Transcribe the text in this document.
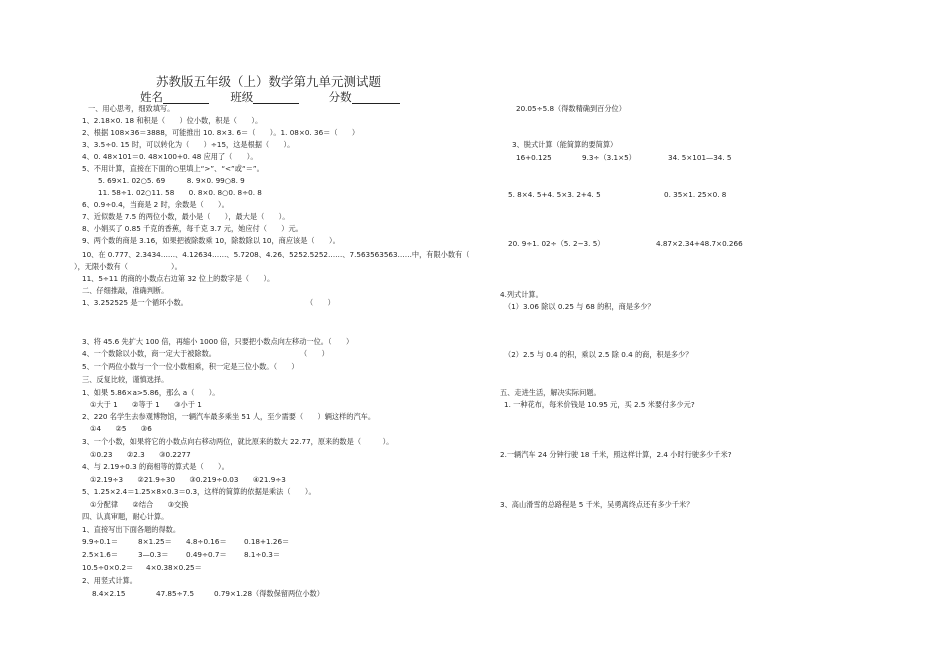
苏教版五年级（上）数学第九单元测试题
姓名	班级	分数
一、用心思考，细致填写。
1、2.18×0. 18 和积是（　　）位小数，积是（　　）。
2、根据 108×36＝3888，可能推出 10. 8×3. 6＝（　　）。1. 08×0. 36＝（　　）
3、3.5÷0. 15 时，可以转化为（　　）÷15，这是根据（　　）。
4、0. 48×101＝0. 48×100+0. 48 应用了（　　）。
5、不用计算，直接在下面的○里填上“>”、“<”或“＝”。
5. 69×1. 02○5. 69　　　8. 9×0. 99○8. 9
11. 58÷1. 02○11. 58　　0. 8×0. 8○0. 8÷0. 8
6、0.9÷0.4，当商是 2 时，余数是（　　）。
7、近似数是 7.5 的两位小数，最小是（　　），最大是（　　）。
8、小娟买了 0.85 千克的香蕉，每千克 3.7 元，她应付（　　）元。
9、两个数的商是 3.16，如果把被除数乘 10，除数除以 10，商应该是（　　）。
10、在 0.777、2.3434……、4.12634……、5.7208、4.26、5252.5252……、7.563563563……中，有限小数有（
），无限小数有（　　　　　　）。
11、5÷11 的商的小数点右边第 32 位上的数字是（　　）。
二、仔细推敲，准确判断。
1、3.252525 是一个循环小数。	（　　）
3、将 45.6 先扩大 100 倍，再缩小 1000 倍，只要把小数点向左移动一位。（　　）
4、一个数除以小数，商一定大于被除数。	（　　）
5、一个两位小数与一个一位小数相乘，积一定是三位小数。（　　）
三、反复比较，谨慎选择。
1、如果 5.86×a>5.86，那么 a（　　）。
①大于 1　　②等于 1　　③小于 1
2、220 名学生去参观博物馆，一辆汽车最多乘坐 51 人，至少需要（　　）辆这样的汽车。
①4　　②5　　③6
3、一个小数，如果将它的小数点向右移动两位，就比原来的数大 22.77，原来的数是（　　　）。
①0.23　　②2.3　　③0.2277
4、与 2.19÷0.3 的商相等的算式是（　　）。
①2.19÷3　　②21.9÷30　　③0.219÷0.03　　④21.9÷3
5、1.25×2.4＝1.25×8×0.3＝0.3，这样的简算的依据是乘法（　　）。
①分配律　　②结合　　③交换
四、认真审题，耐心计算。
1、直接写出下面各题的得数。
9.9÷0.1＝	8×1.25＝ 4.8÷0.16＝ 0.18+1.26＝
2.5×1.6＝	3—0.3＝ 0.49÷0.7＝ 8.1÷0.3＝
10.5÷0×0.2＝ 4×0.38×0.25＝
2、用竖式计算。
8.4×2.15	47.85÷7.5	0.79×1.28（得数保留两位小数）
20.05÷5.8（得数精确到百分位）
3、脱式计算（能简算的要简算）
16+0.125	9.3÷（3.1×5）	34. 5×101—34. 5
5. 8×4. 5+4. 5×3. 2+4. 5	0. 35×1. 25×0. 8
20. 9÷1. 02÷（5. 2−3. 5）	4.87×2.34+48.7×0.266
4.列式计算。
（1）3.06 除以 0.25 与 68 的积，商是多少？
（2）2.5 与 0.4 的积，乘以 2.5 除 0.4 的商，积是多少？
五、走进生活，解决实际问题。
1. 一种花布，每米价钱是 10.95 元，买 2.5 米要付多少元?
2.一辆汽车 24 分钟行驶 18 千米，照这样计算，2.4 小时行驶多少千米?
3、高山滑雪的总路程是 5 千米，吴勇离终点还有多少千米？
